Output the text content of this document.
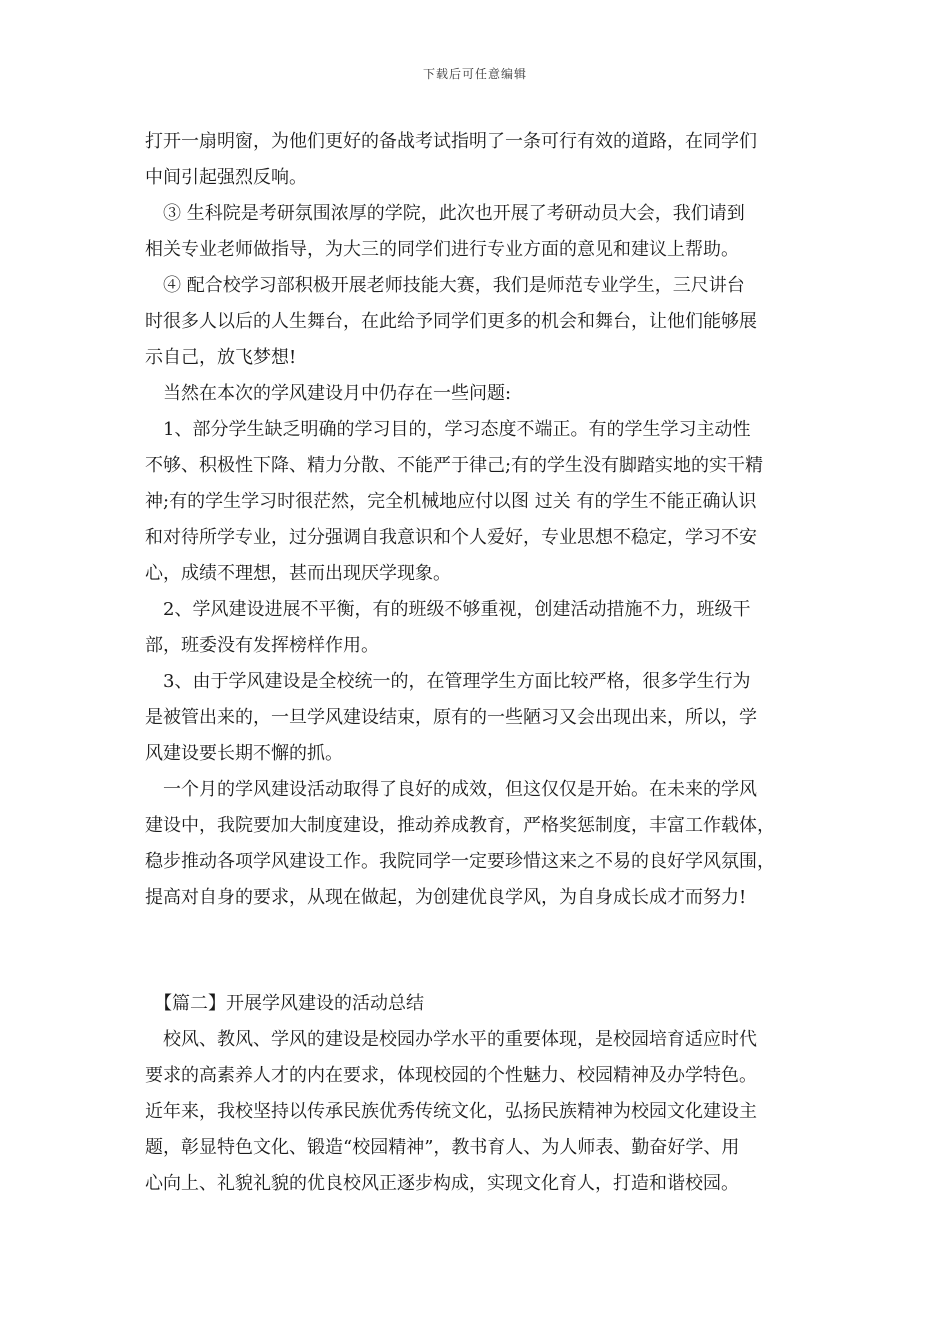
下载后可任意编辑
打开一扇明窗，为他们更好的备战考试指明了一条可行有效的道路，在同学们
中间引起强烈反响。
　③ 生科院是考研氛围浓厚的学院，此次也开展了考研动员大会，我们请到
相关专业老师做指导，为大三的同学们进行专业方面的意见和建议上帮助。
　④ 配合校学习部积极开展老师技能大赛，我们是师范专业学生，三尺讲台
时很多人以后的人生舞台，在此给予同学们更多的机会和舞台，让他们能够展
示自己，放飞梦想!
　当然在本次的学风建设月中仍存在一些问题:
　1、部分学生缺乏明确的学习目的，学习态度不端正。有的学生学习主动性
不够、积极性下降、精力分散、不能严于律己;有的学生没有脚踏实地的实干精
神;有的学生学习时很茫然，完全机械地应付以图 过关 有的学生不能正确认识
和对待所学专业，过分强调自我意识和个人爱好，专业思想不稳定，学习不安
心，成绩不理想，甚而出现厌学现象。
　2、学风建设进展不平衡，有的班级不够重视，创建活动措施不力，班级干
部，班委没有发挥榜样作用。
　3、由于学风建设是全校统一的，在管理学生方面比较严格，很多学生行为
是被管出来的，一旦学风建设结束，原有的一些陋习又会出现出来，所以，学
风建设要长期不懈的抓。
　一个月的学风建设活动取得了良好的成效，但这仅仅是开始。在未来的学风
建设中，我院要加大制度建设，推动养成教育，严格奖惩制度，丰富工作载体，
稳步推动各项学风建设工作。我院同学一定要珍惜这来之不易的良好学风氛围，
提高对自身的要求，从现在做起，为创建优良学风，为自身成长成才而努力!
　【篇二】开展学风建设的活动总结
　校风、教风、学风的建设是校园办学水平的重要体现，是校园培育适应时代
要求的高素养人才的内在要求，体现校园的个性魅力、校园精神及办学特色。
近年来，我校坚持以传承民族优秀传统文化，弘扬民族精神为校园文化建设主
题，彰显特色文化、锻造“校园精神”，教书育人、为人师表、勤奋好学、用
心向上、礼貌礼貌的优良校风正逐步构成，实现文化育人，打造和谐校园。
